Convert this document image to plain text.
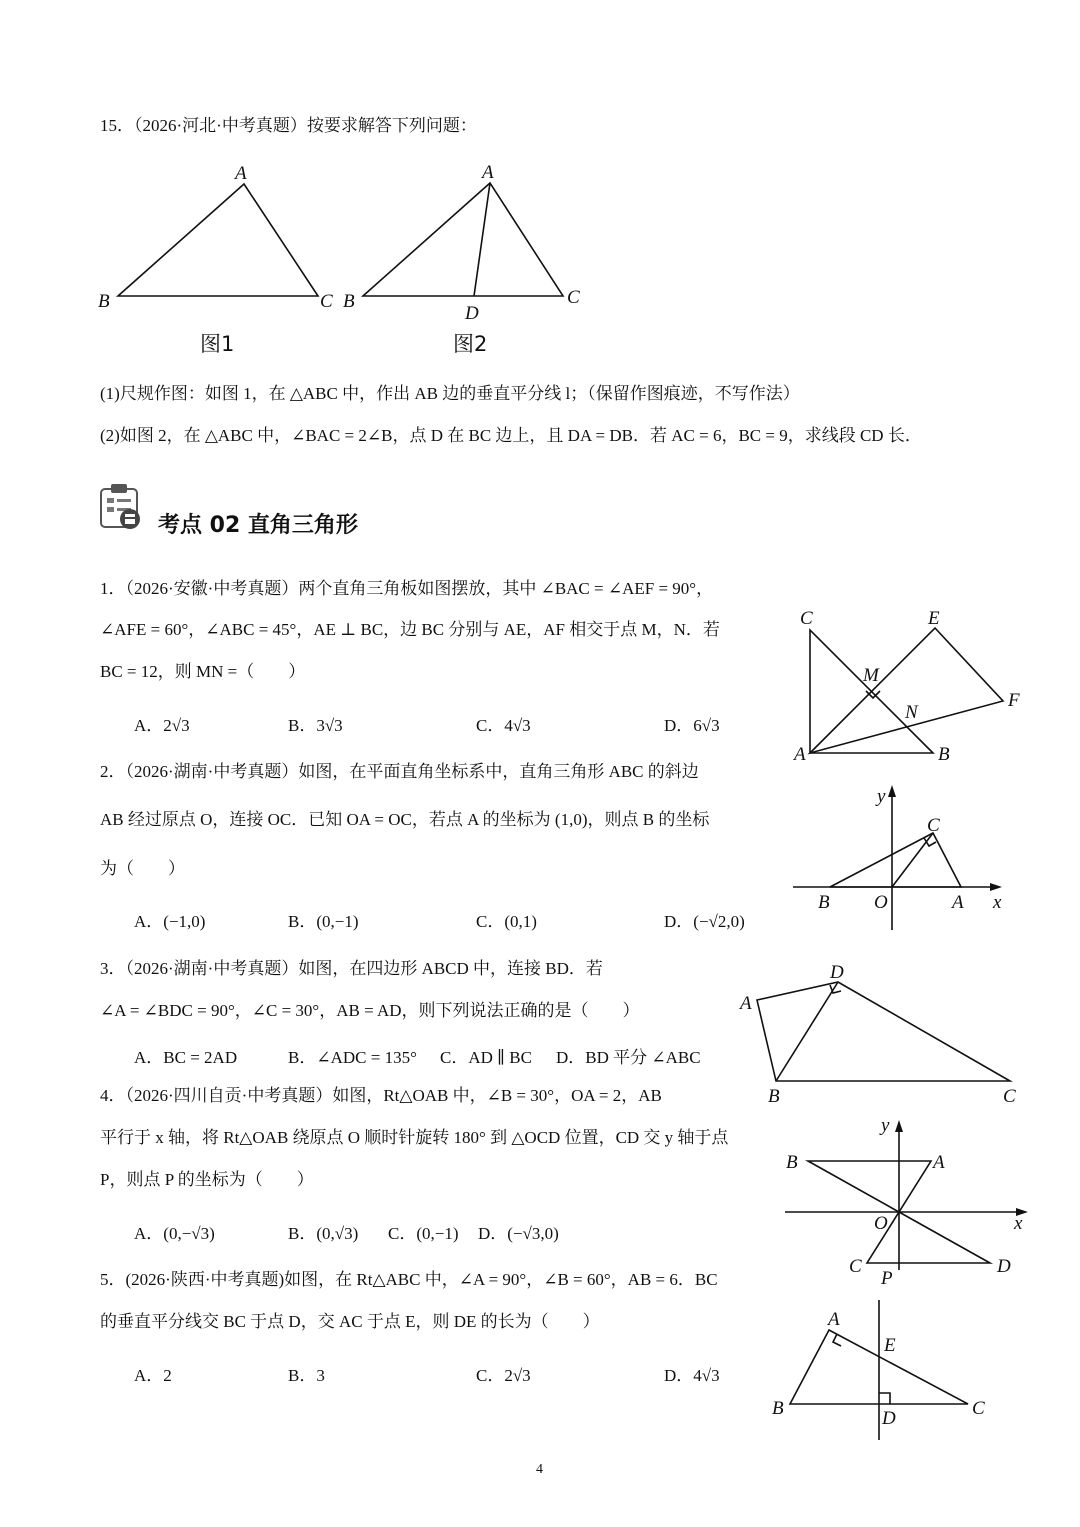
15．（2026·河北·中考真题）按要求解答下列问题：
A
B	C
图1
A
B	C
D
图2
C	E
M
N
F
A	B
y
C
B O	A x
D
A
B	C
y
B	A
O	x
C
P
D
A
E
B	D	C
(1)尺规作图：如图 1，在 △ABC 中，作出 AB 边的垂直平分线 l；（保留作图痕迹，不写作法）
(2)如图 2，在 △ABC 中，∠BAC = 2∠B，点 D 在 BC 边上，且 DA = DB．若 AC = 6，BC = 9，求线段 CD 长．
考点 02 直角三角形
1．（2026·安徽·中考真题）两个直角三角板如图摆放，其中 ∠BAC = ∠AEF = 90°，
∠AFE = 60°，∠ABC = 45°，AE ⊥ BC，边 BC 分别与 AE，AF 相交于点 M，N．若
BC = 12，则 MN =（　　）
A．2√3	B．3√3	C．4√3	D．6√3
2．（2026·湖南·中考真题）如图，在平面直角坐标系中，直角三角形 ABC 的斜边
AB 经过原点 O，连接 OC．已知 OA = OC，若点 A 的坐标为 (1,0)，则点 B 的坐标
为（　　）
A．(−1,0)	B．(0,−1)	C．(0,1)	D．(−√2,0)
3．（2026·湖南·中考真题）如图，在四边形 ABCD 中，连接 BD．若
∠A = ∠BDC = 90°，∠C = 30°，AB = AD，则下列说法正确的是（　　）
A．BC = 2AD	B．∠ADC = 135° C．AD ∥ BC D．BD 平分 ∠ABC
4．（2026·四川自贡·中考真题）如图，Rt△OAB 中，∠B = 30°，OA = 2，AB
平行于 x 轴，将 Rt△OAB 绕原点 O 顺时针旋转 180° 到 △OCD 位置，CD 交 y 轴于点
P，则点 P 的坐标为（　　）
A．(0,−√3)	B．(0,√3) C．(0,−1) D．(−√3,0)
5．(2026·陕西·中考真题)如图，在 Rt△ABC 中，∠A = 90°，∠B = 60°，AB = 6．BC
的垂直平分线交 BC 于点 D，交 AC 于点 E，则 DE 的长为（　　）
A．2	B．3	C．2√3	D．4√3
4
